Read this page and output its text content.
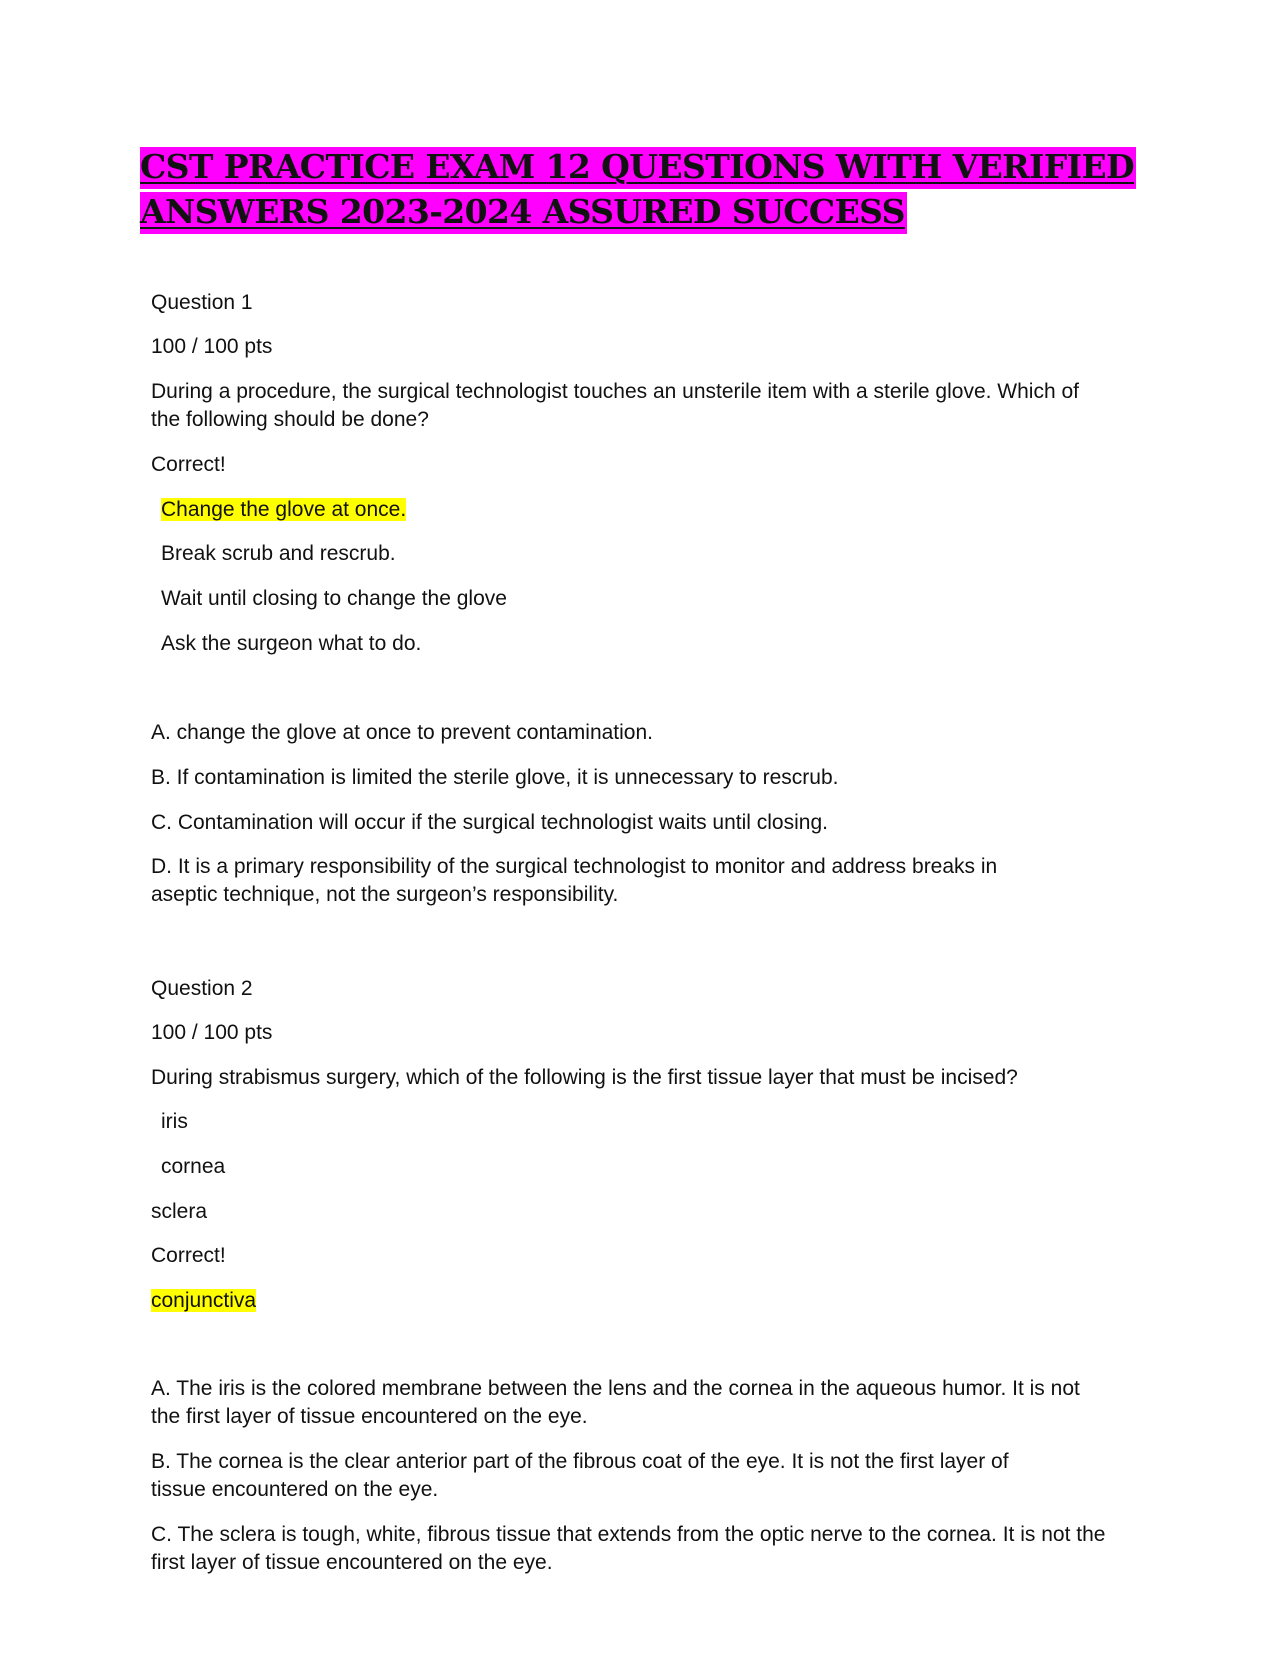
CST PRACTICE EXAM 12 QUESTIONS WITH VERIFIED
ANSWERS 2023-2024 ASSURED SUCCESS
Question 1
100 / 100 pts
During a procedure, the surgical technologist touches an unsterile item with a sterile glove. Which of the following should be done?
Correct!
Change the glove at once.
Break scrub and rescrub.
Wait until closing to change the glove
Ask the surgeon what to do.
A. change the glove at once to prevent contamination.
B. If contamination is limited the sterile glove, it is unnecessary to rescrub.
C. Contamination will occur if the surgical technologist waits until closing.
D. It is a primary responsibility of the surgical technologist to monitor and address breaks in aseptic technique, not the surgeon’s responsibility.
Question 2
100 / 100 pts
During strabismus surgery, which of the following is the first tissue layer that must be incised?
iris
cornea
sclera
Correct!
conjunctiva
A. The iris is the colored membrane between the lens and the cornea in the aqueous humor. It is not the first layer of tissue encountered on the eye.
B. The cornea is the clear anterior part of the fibrous coat of the eye. It is not the first layer of tissue encountered on the eye.
C. The sclera is tough, white, fibrous tissue that extends from the optic nerve to the cornea. It is not the first layer of tissue encountered on the eye.
